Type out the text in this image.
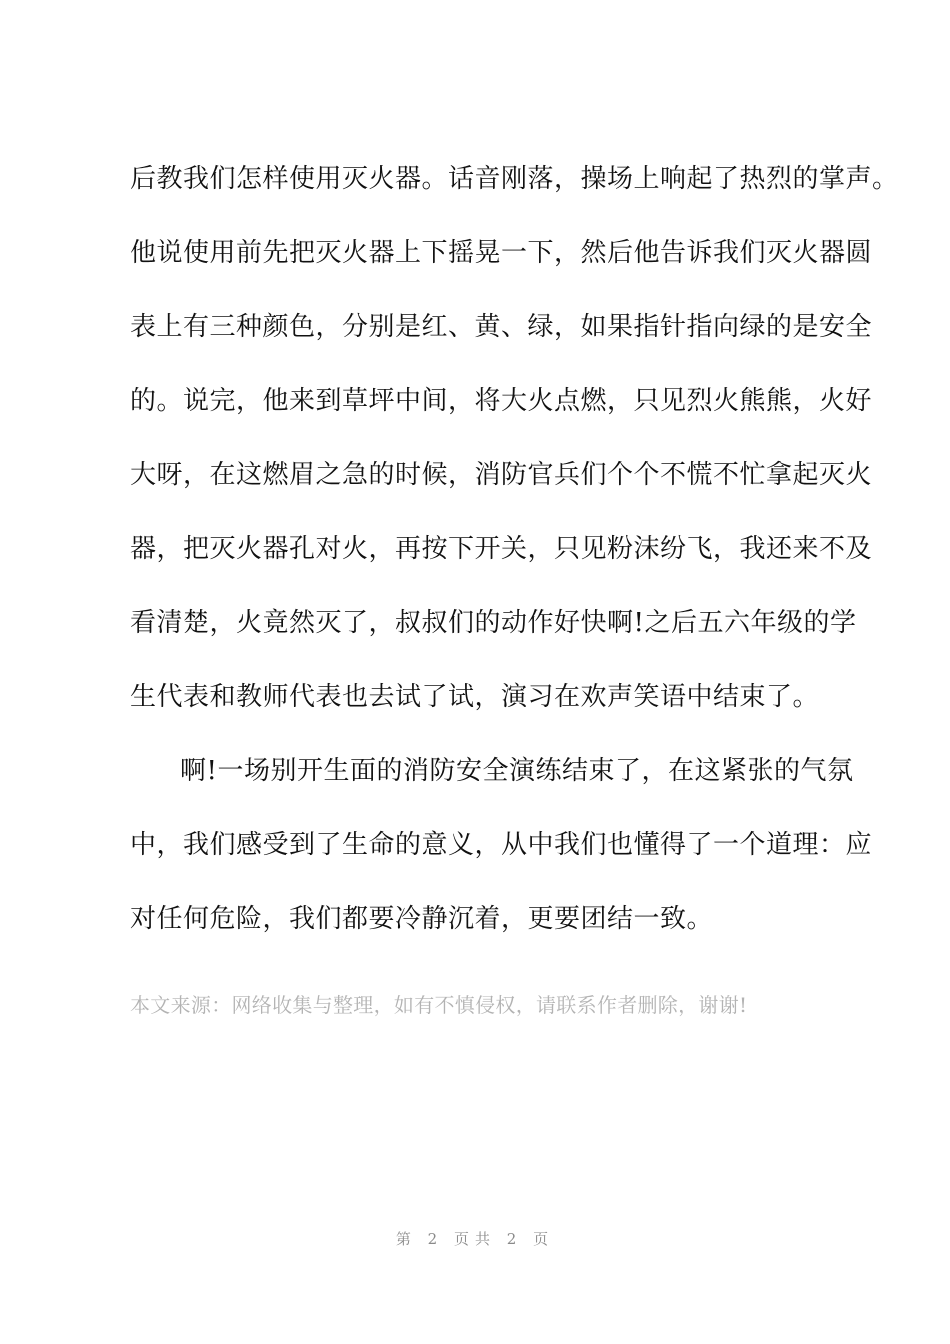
后教我们怎样使用灭火器。话音刚落，操场上响起了热烈的掌声。
他说使用前先把灭火器上下摇晃一下，然后他告诉我们灭火器圆
表上有三种颜色，分别是红、黄、绿，如果指针指向绿的是安全
的。说完，他来到草坪中间，将大火点燃，只见烈火熊熊，火好
大呀，在这燃眉之急的时候，消防官兵们个个不慌不忙拿起灭火
器，把灭火器孔对火，再按下开关，只见粉沫纷飞，我还来不及
看清楚，火竟然灭了，叔叔们的动作好快啊!之后五六年级的学
生代表和教师代表也去试了试，演习在欢声笑语中结束了。
啊!一场别开生面的消防安全演练结束了，在这紧张的气氛
中，我们感受到了生命的意义，从中我们也懂得了一个道理：应
对任何危险，我们都要冷静沉着，更要团结一致。
本文来源：网络收集与整理，如有不慎侵权，请联系作者删除，谢谢!
第 2 页共 2 页
